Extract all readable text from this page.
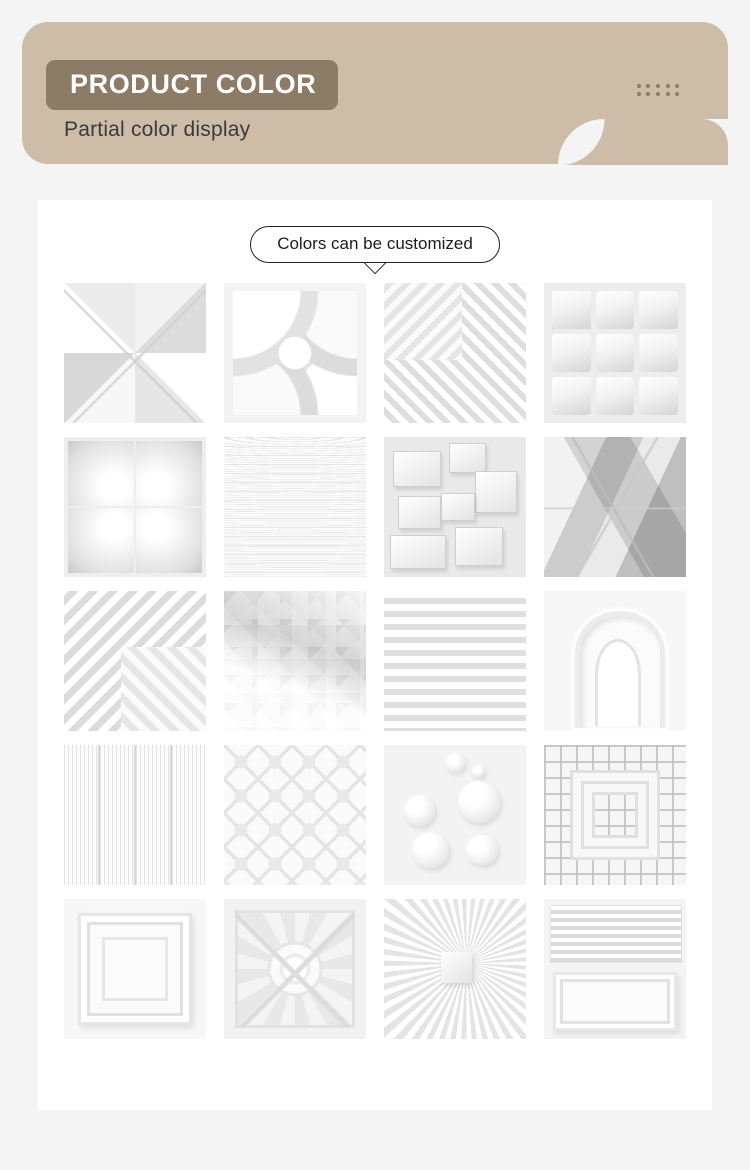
PRODUCT COLOR
Partial color display
Colors can be customized
